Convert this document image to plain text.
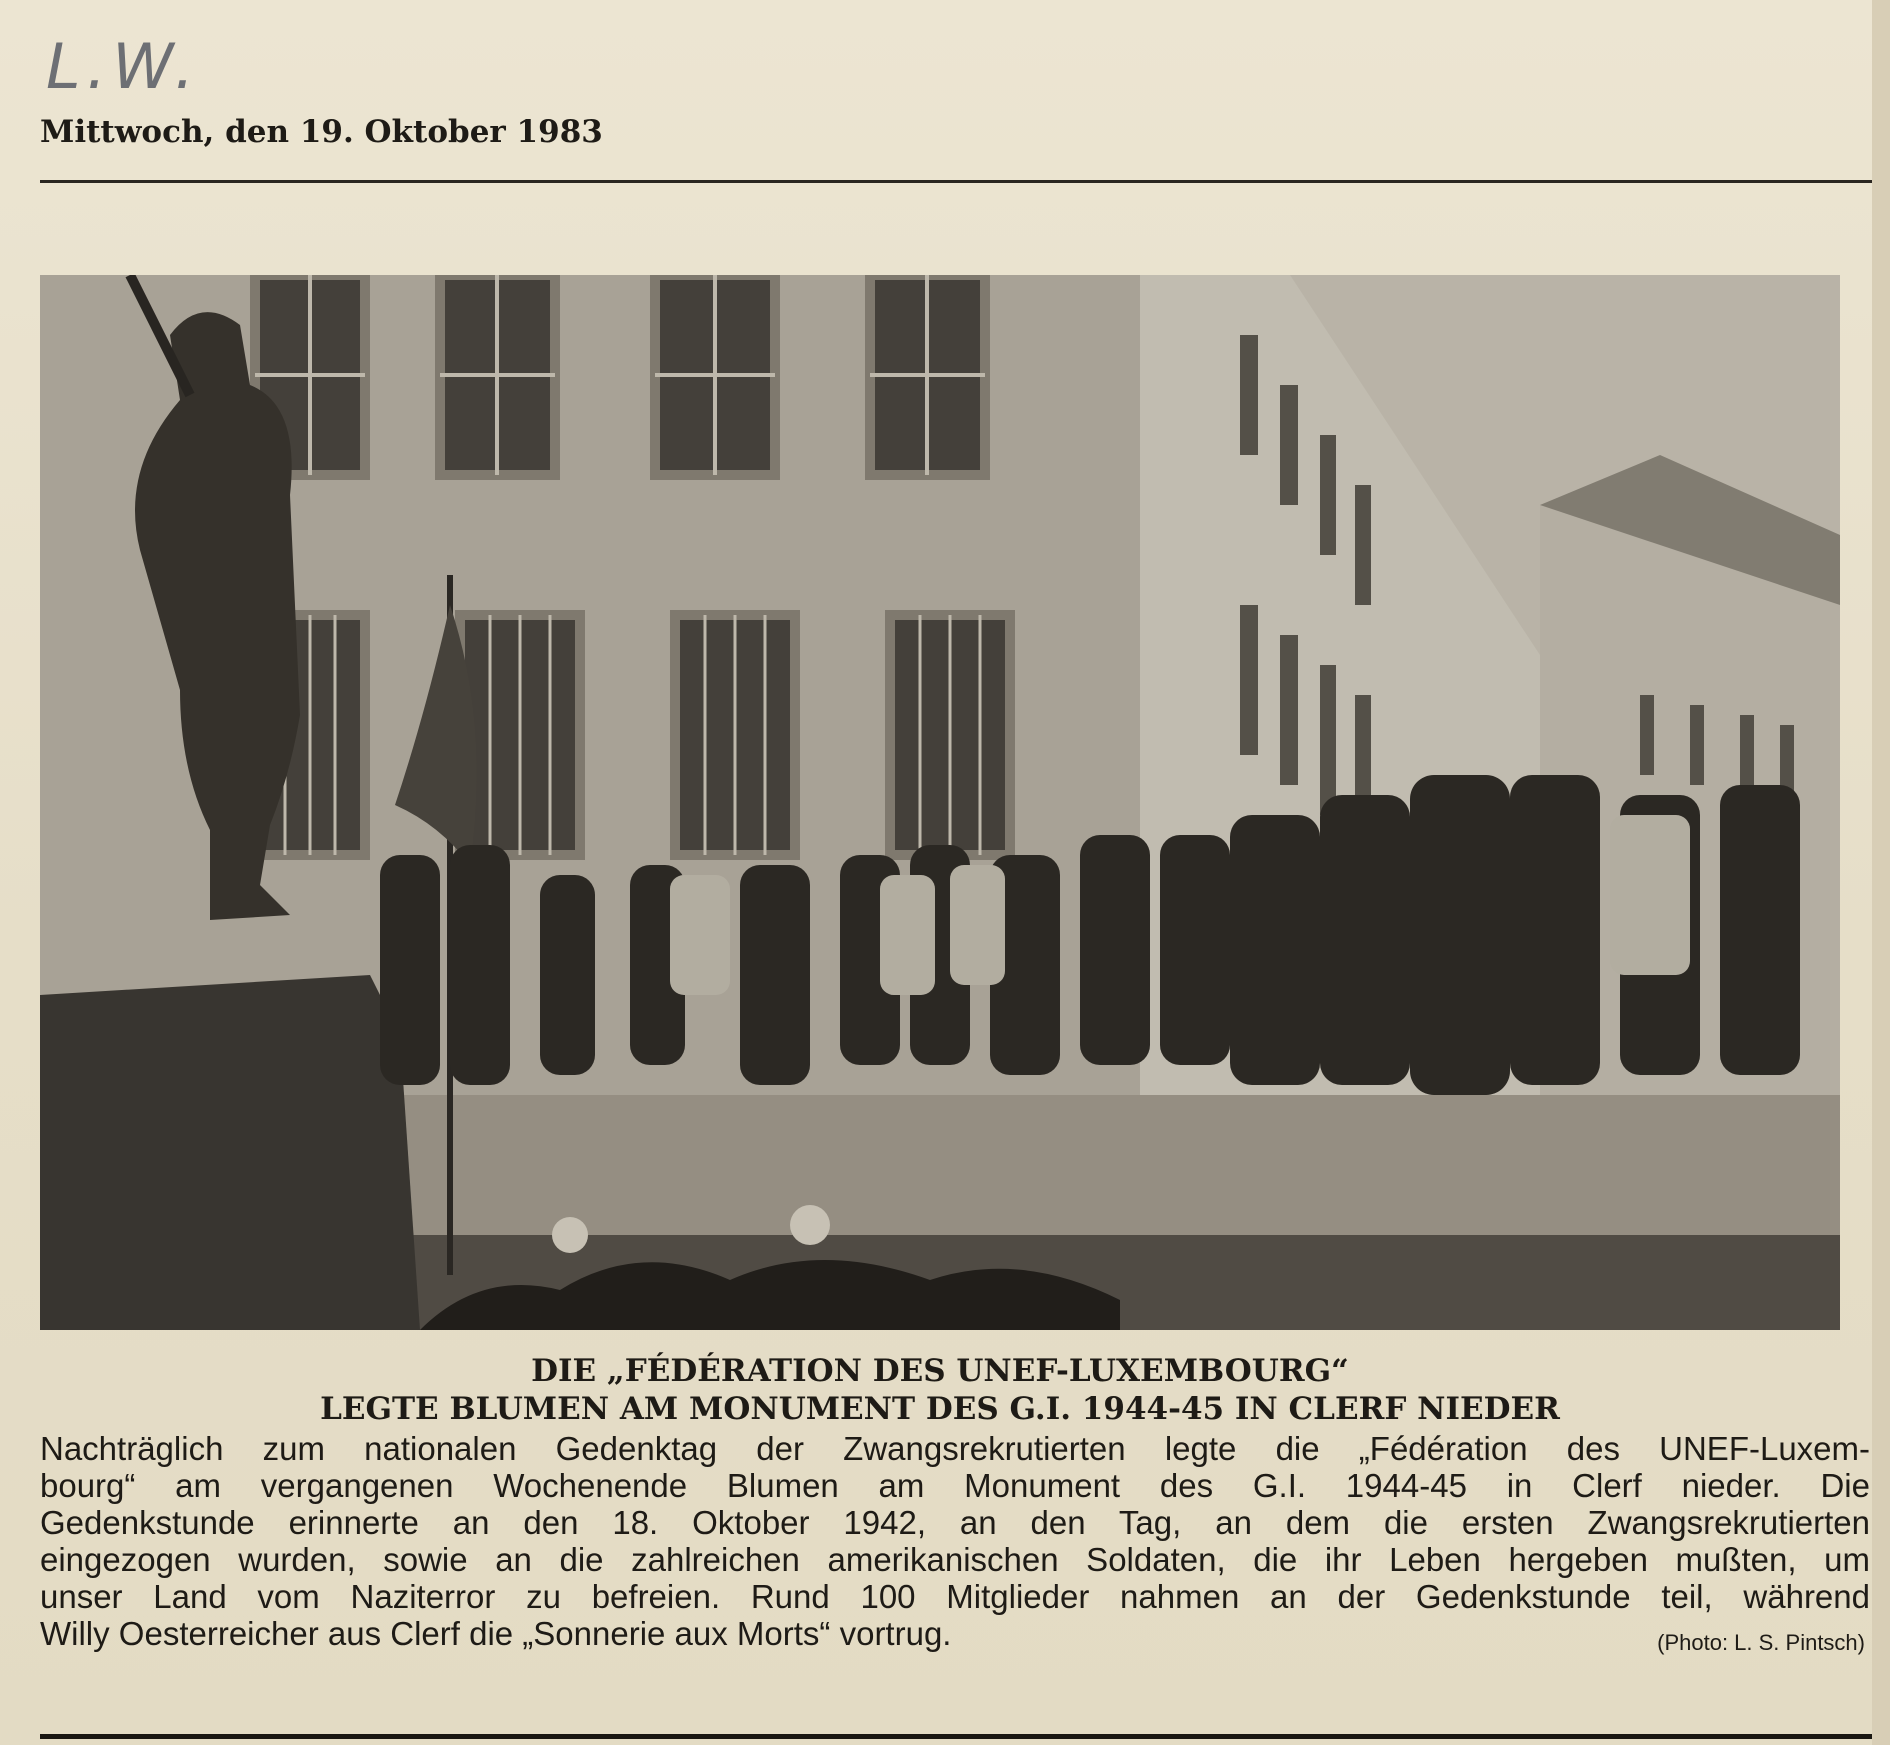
L.W.
Mittwoch, den 19. Oktober 1983
DIE „FÉDÉRATION DES UNEF-LUXEMBOURG“
LEGTE BLUMEN AM MONUMENT DES G.I. 1944-45 IN CLERF NIEDER
Nachträglich zum nationalen Gedenktag der Zwangsrekrutierten legte die „Fédération des UNEF-Luxem-
bourg“ am vergangenen Wochenende Blumen am Monument des G.I. 1944-45 in Clerf nieder. Die
Gedenkstunde erinnerte an den 18. Oktober 1942, an den Tag, an dem die ersten Zwangsrekrutierten
eingezogen wurden, sowie an die zahlreichen amerikanischen Soldaten, die ihr Leben hergeben mußten, um
unser Land vom Naziterror zu befreien. Rund 100 Mitglieder nahmen an der Gedenkstunde teil, während
Willy Oesterreicher aus Clerf die „Sonnerie aux Morts“ vortrug.	(Photo: L. S. Pintsch)
